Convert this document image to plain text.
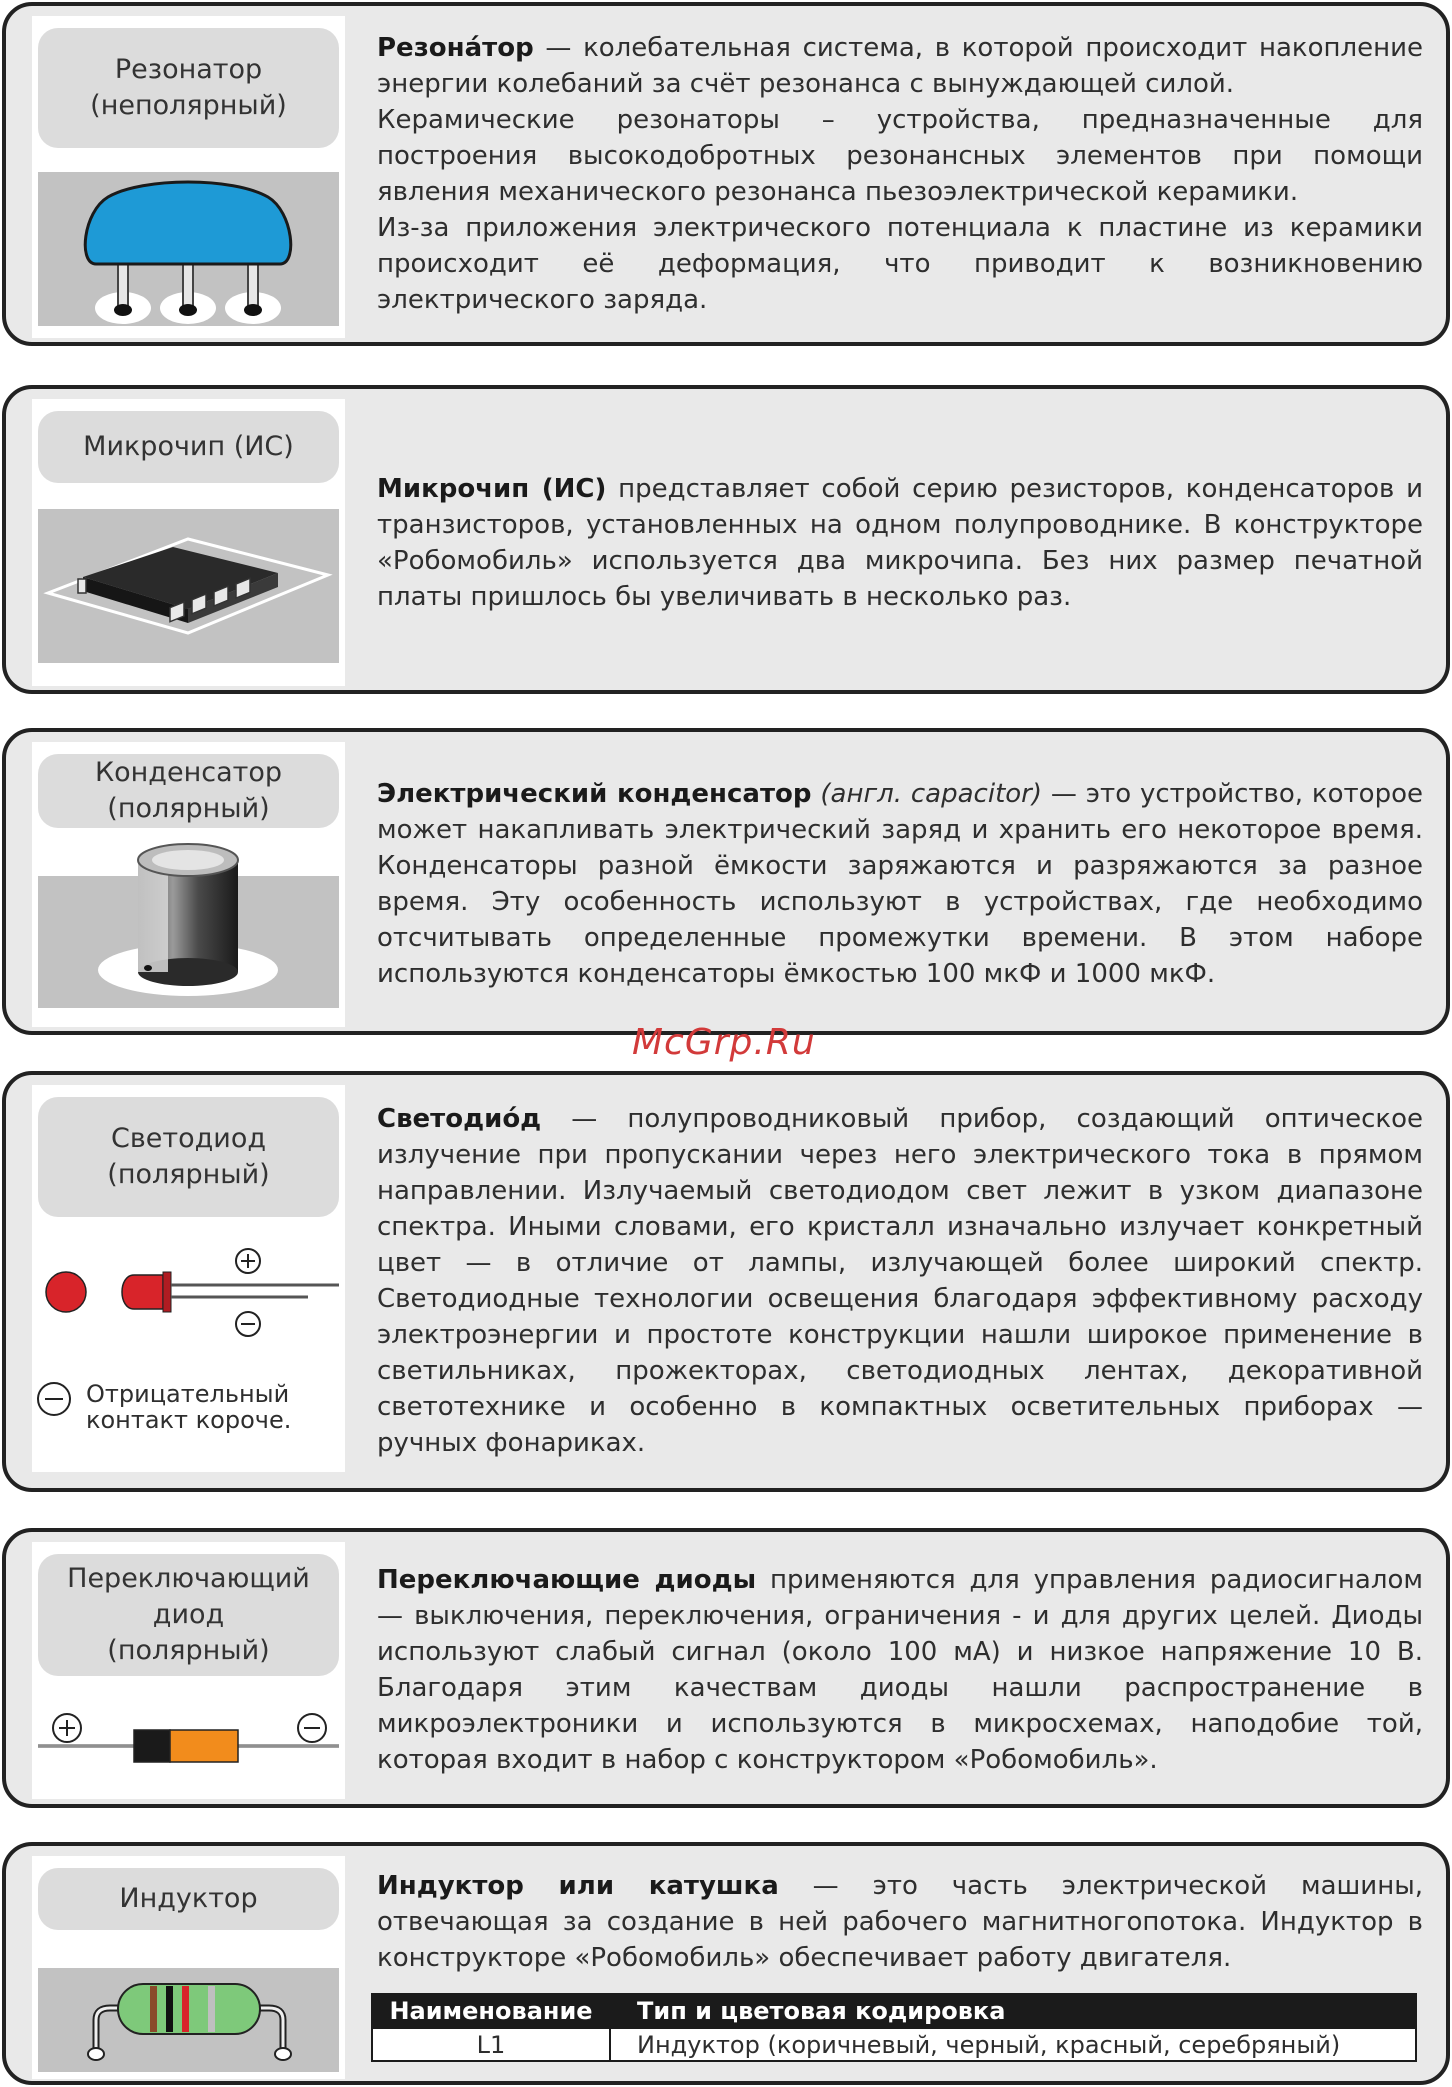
Резонатор
(неполярный)

Резона́тор — колебательная система, в которой происходит накопление энергии колебаний за счёт резонанса с вынуждающей силой.

Керамические резонаторы – устройства, предназначенные для построения высокодобротных резонансных элементов при помощи явления механического резонанса пьезоэлектрической керамики.

Из-за приложения электрического потенциала к пластине из керамики происходит её деформация, что приводит к возникновению электрического заряда.

Микрочип (ИС)

Микрочип (ИС) представляет собой серию резисторов, конденсаторов и транзисторов, установленных на одном полупроводнике. В конструкторе «Робомобиль» используется два микрочипа. Без них размер печатной платы пришлось бы увеличивать в несколько раз.

Конденсатор
(полярный)	Электрический конденсатор (англ. capacitor) — это устройство, которое может накапливать электрический заряд и хранить его некоторое время. Конденсаторы разной ёмкости заряжаются и разряжаются за разное время. Эту особенность используют в устройствах, где необходимо отсчитывать определенные промежутки времени. В этом наборе используются конденсаторы ёмкостью 100 мкФ и 1000 мкФ.

Светодиод
(полярный)
Отрицательный
контакт короче.

Светодио́д — полупроводниковый прибор, создающий оптическое излучение при пропускании через него электрического тока в прямом направлении. Излучаемый светодиодом свет лежит в узком диапазоне спектра. Иными словами, его кристалл изначально излучает конкретный цвет — в отличие от лампы, излучающей более широкий спектр. Светодиодные технологии освещения благодаря эффективному расходу электроэнергии и простоте конструкции нашли широкое применение в светильниках, прожекторах, светодиодных лентах, декоративной светотехнике и особенно в компактных осветительных приборах — ручных фонариках.

Переключающий
диод
(полярный)

Переключающие диоды применяются для управления радиосигналом — выключения, переключения, ограничения - и для других целей. Диоды используют слабый сигнал (около 100 мА) и низкое напряжение 10 В. Благодаря этим качествам диоды нашли распространение в микроэлектроники и используются в микросхемах, наподобие той, которая входит в набор с конструктором «Робомобиль».

Индуктор	Индуктор или катушка — это часть электрической машины, отвечающая за создание в ней рабочего магнитногопотока. Индуктор в конструкторе «Робомобиль» обеспечивает работу двигателя.

Наименование	Тип и цветовая кодировка
L1	Индуктор (коричневый, черный, красный, серебряный)
McGrp.Ru
